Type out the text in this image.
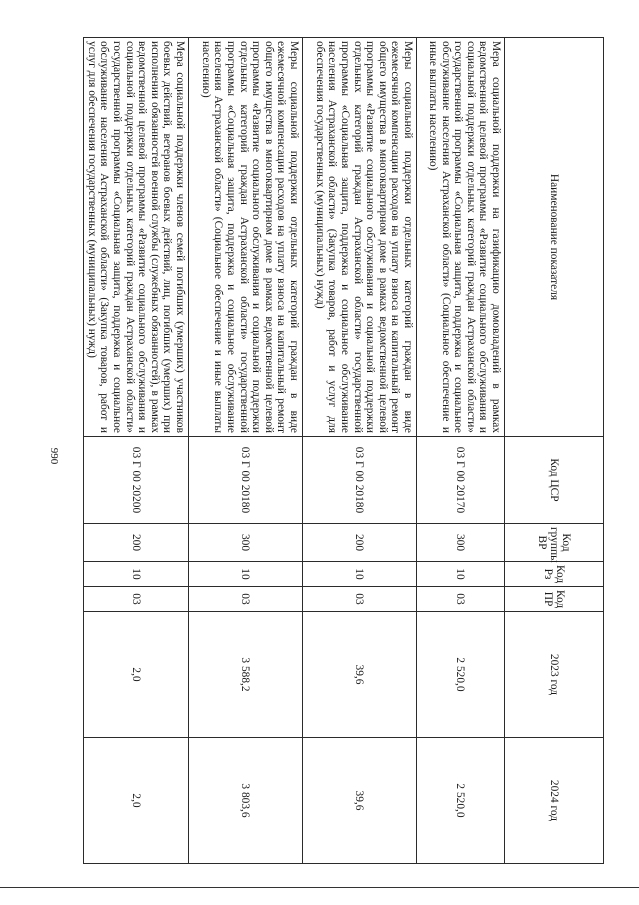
990
Наименование показателя	Код ЦСР	Код группы ВР	Код Рз	Код ПР	2023 год	2024 год
Мера социальной поддержки на газификацию домовладений в рамках ведомственной целевой программы «Развитие социального обслуживания и социальной поддержки отдельных категорий граждан Астраханской области» государственной программы «Социальная защита, поддержка и социальное обслуживание населения Астраханской области» (Социальное обеспечение и иные выплаты населению)	03 Г 00 20170	300	10	03	2 520,0	2 520,0
Меры социальной поддержки отдельных категорий граждан в виде ежемесячной компенсации расходов на уплату взноса на капитальный ремонт общего имущества в многоквартирном доме в рамках ведомственной целевой программы «Развитие социального обслуживания и социальной поддержки отдельных категорий граждан Астраханской области» государственной программы «Социальная защита, поддержка и социальное обслуживание населения Астраханской области» (Закупка товаров, работ и услуг для обеспечения государственных (муниципальных) нужд)	03 Г 00 20180	200	10	03	39,6	39,6
Меры социальной поддержки отдельных категорий граждан в виде ежемесячной компенсации расходов на уплату взноса на капитальный ремонт общего имущества в многоквартирном доме в рамках ведомственной целевой программы «Развитие социального обслуживания и социальной поддержки отдельных категорий граждан Астраханской области» государственной программы «Социальная защита, поддержка и социальное обслуживание населения Астраханской области» (Социальное обеспечение и иные выплаты населению)	03 Г 00 20180	300	10	03	3 588,2	3 803,6
Мера социальной поддержки членов семей погибших (умерших) участников боевых действий, ветеранов боевых действий, лиц, погибших (умерших) при исполнении обязанностей военной службы (служебных обязанностей), в рамках ведомственной целевой программы «Развитие социального обслуживания и социальной поддержки отдельных категорий граждан Астраханской области» государственной программы «Социальная защита, поддержка и социальное обслуживание населения Астраханской области» (Закупка товаров, работ и услуг для обеспечения государственных (муниципальных) нужд)	03 Г 00 20200	200	10	03	2,0	2,0
